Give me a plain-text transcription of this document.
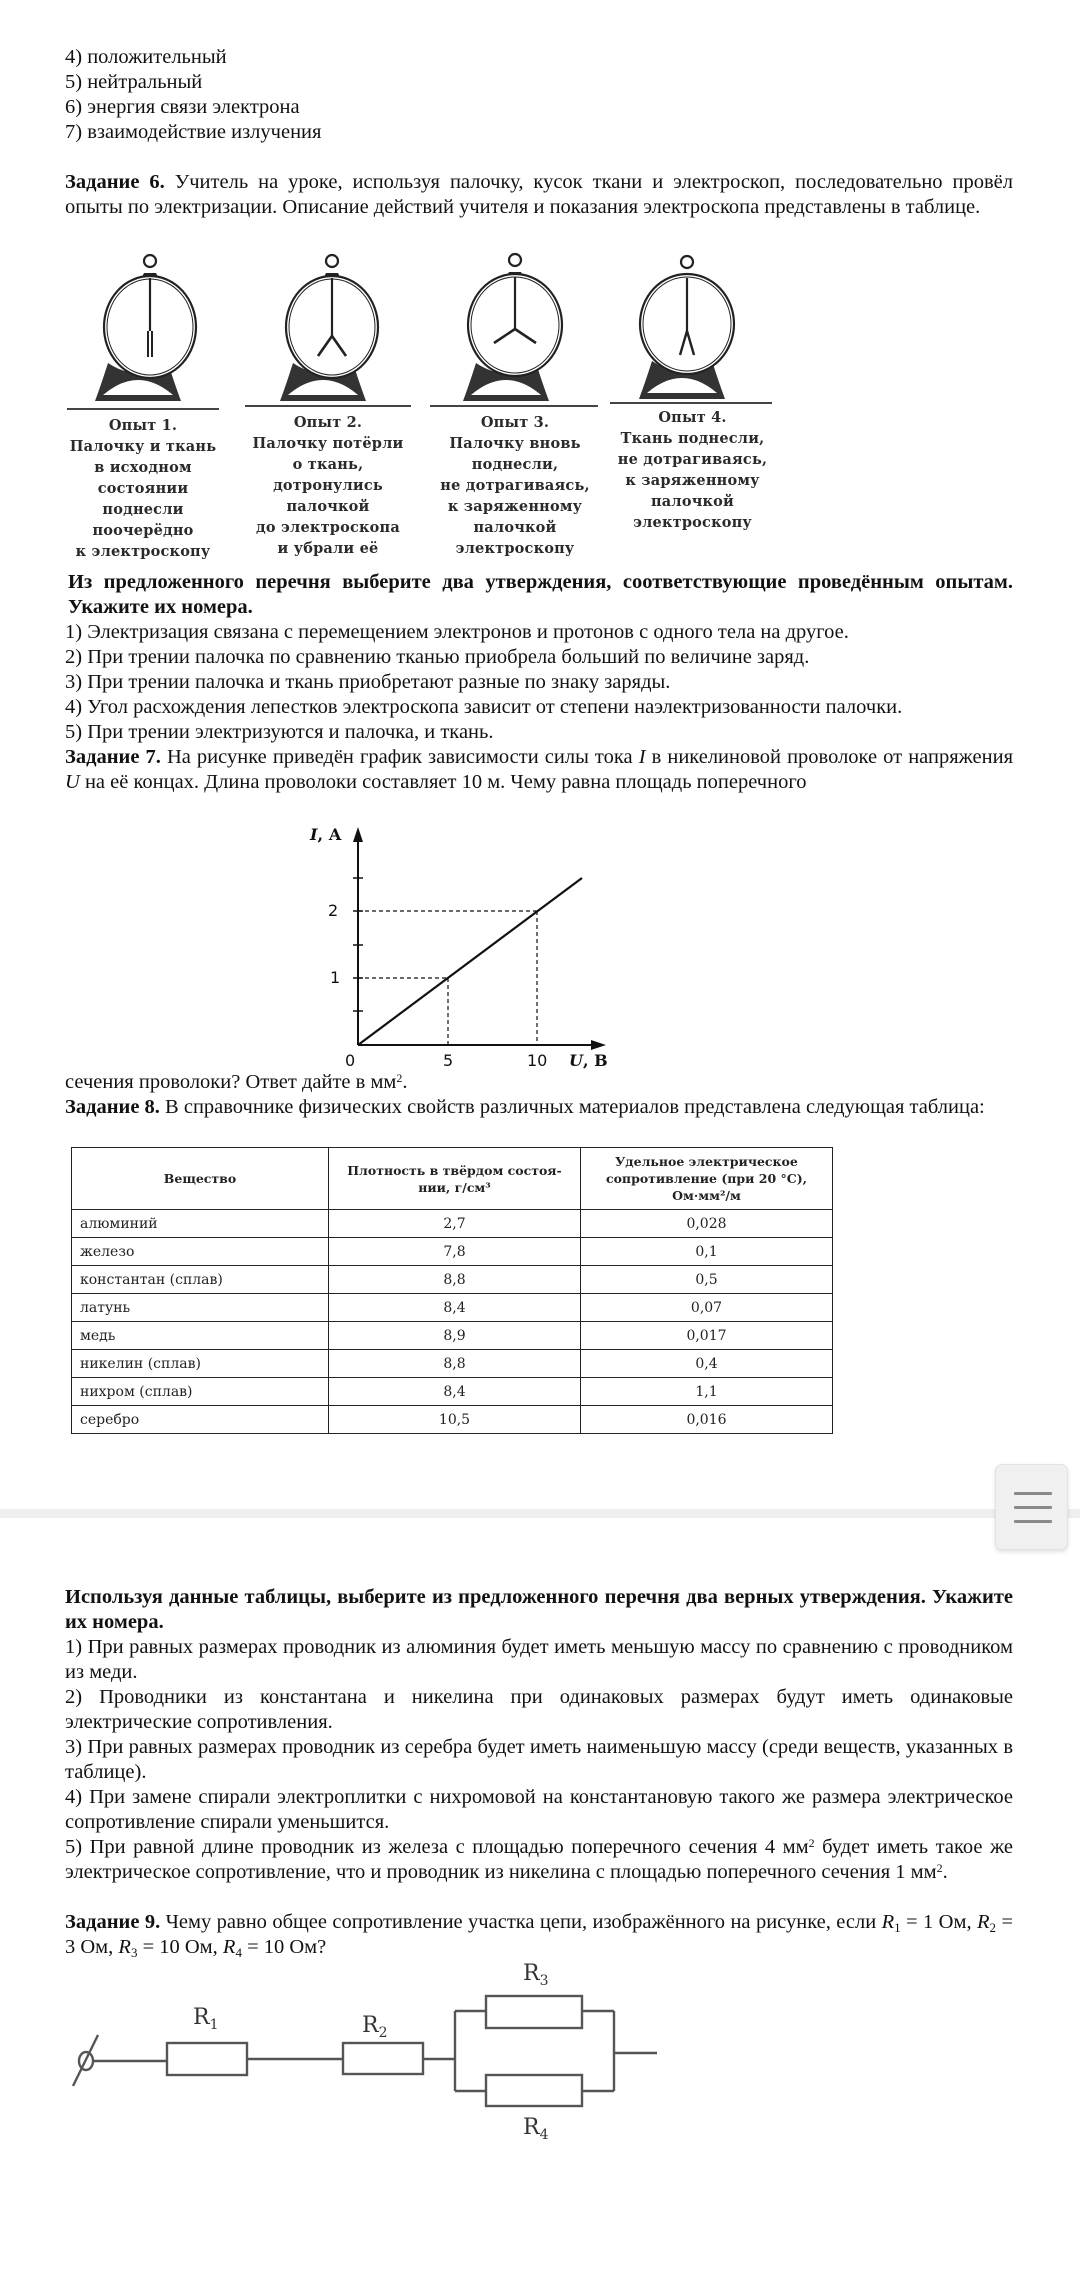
4) положительный
5) нейтральный
6) энергия связи электрона
7) взаимодействие излучения
Задание 6. Учитель на уроке, используя палочку, кусок ткани и электроскоп, последовательно провёл опыты по электризации. Описание действий учителя и показания электроскопа представлены в таблице.
Опыт 1.
Палочку и ткань
в исходном
состоянии
поднесли
поочерёдно
к электроскопу
Опыт 2.
Палочку потёрли
о ткань,
дотронулись
палочкой
до электроскопа
и убрали её
Опыт 3.
Палочку вновь
поднесли,
не дотрагиваясь,
к заряженному
палочкой
электроскопу
Опыт 4.
Ткань поднесли,
не дотрагиваясь,
к заряженному
палочкой
электроскопу
Из предложенного перечня выберите два утверждения, соответствующие проведённым опытам. Укажите их номера.
1) Электризация связана с перемещением электронов и протонов с одного тела на другое.
2) При трении палочка по сравнению тканью приобрела больший по величине заряд.
3) При трении палочка и ткань приобретают разные по знаку заряды.
4) Угол расхождения лепестков электроскопа зависит от степени наэлектризованности палочки.
5) При трении электризуются и палочка, и ткань.
Задание 7. На рисунке приведён график зависимости силы тока I в никелиновой проволоке от напряжения U на её концах. Длина проволоки составляет 10 м. Чему равна площадь поперечного
I, А
2
1
0	5	10 U, В
сечения проволоки? Ответ дайте в $мм^2$.
Задание 8. В справочнике физических свойств различных материалов представлена следующая таблица:
Вещество	Плотность в твёрдом состоя-
нии, г/см³	Удельное электрическое
сопротивление (при 20 °С),
Ом·мм²/м

алюминий	2,7	0,028
железо	7,8	0,1
константан (сплав)	8,8	0,5
латунь	8,4	0,07
медь	8,9	0,017
никелин (сплав)	8,8	0,4
нихром (сплав)	8,4	1,1
серебро	10,5	0,016
Используя данные таблицы, выберите из предложенного перечня два верных утверждения. Укажите их номера.
1) При равных размерах проводник из алюминия будет иметь меньшую массу по сравнению с проводником из меди.
2) Проводники из константана и никелина при одинаковых размерах будут иметь одинаковые электрические сопротивления.
3) При равных размерах проводник из серебра будет иметь наименьшую массу (среди веществ, указанных в таблице).
4) При замене спирали электроплитки с нихромовой на константановую такого же размера электрическое сопротивление спирали уменьшится.
5) При равной длине проводник из железа с площадью поперечного сечения 4 $мм^2$ будет иметь такое же электрическое сопротивление, что и проводник из никелина с площадью поперечного сечения 1 $мм^2$.
Задание 9. Чему равно общее сопротивление участка цепи, изображённого на рисунке, если $R_1 = 1$ Ом, $R_2 = 3$ Ом, $R_3 = 10$ Ом, $R_4 = 10$ Ом?
$R_1$	$R_2$
$R_3$
$R_4$
